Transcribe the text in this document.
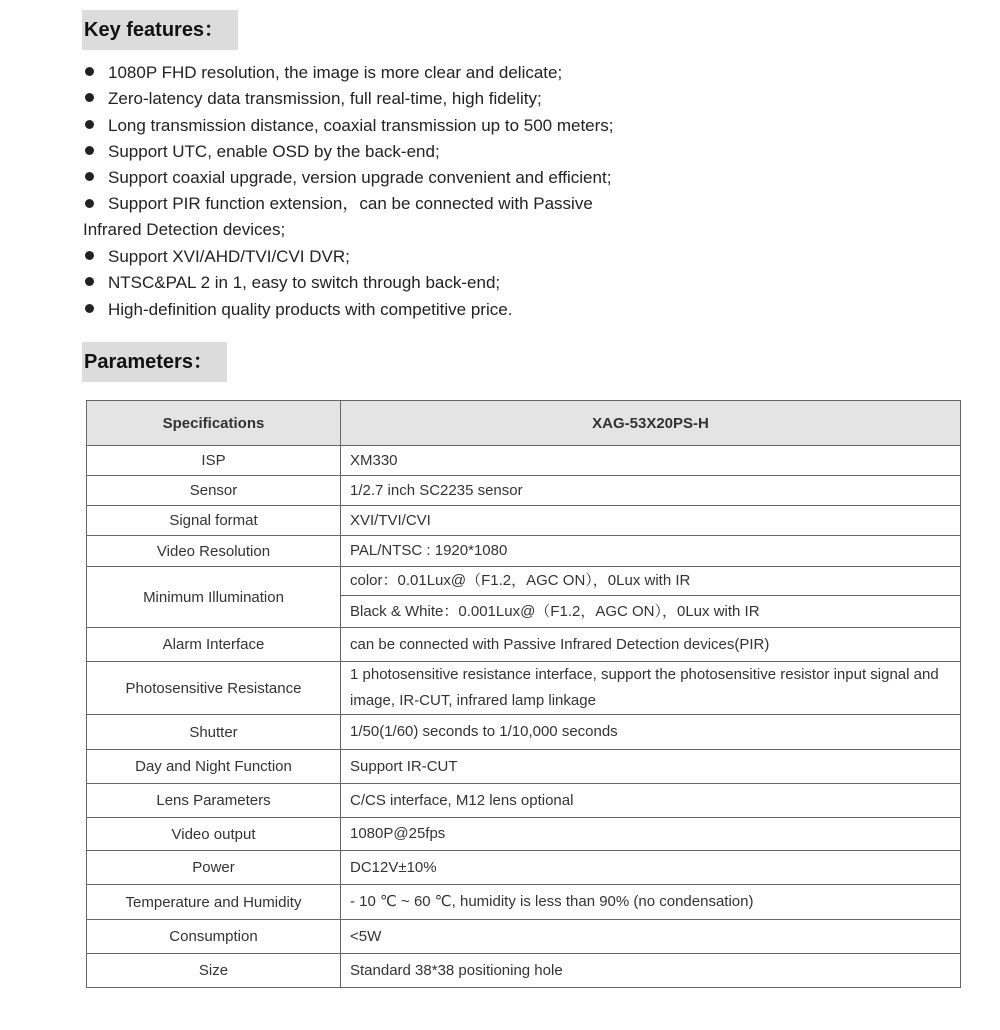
Key features：
1080P FHD resolution, the image is more clear and delicate;
Zero-latency data transmission, full real-time, high fidelity;
Long transmission distance, coaxial transmission up to 500 meters;
Support UTC, enable OSD by the back-end;
Support coaxial upgrade, version upgrade convenient and efficient;
Support PIR function extension，can be connected with Passive
Infrared Detection devices;
Support XVI/AHD/TVI/CVI DVR;
NTSC&PAL 2 in 1, easy to switch through back-end;
High-definition quality products with competitive price.
Parameters：
Specifications	XAG-53X20PS-H
ISP	XM330
Sensor	1/2.7 inch SC2235 sensor
Signal format	XVI/TVI/CVI
Video Resolution	PAL/NTSC : 1920*1080
Minimum Illumination	color：0.01Lux@（F1.2，AGC ON），0Lux with IR
	Black & White：0.001Lux@（F1.2，AGC ON），0Lux with IR
Alarm Interface	can be connected with Passive Infrared Detection devices(PIR)
Photosensitive Resistance	1 photosensitive resistance interface, support the photosensitive resistor input signal and image, IR-CUT, infrared lamp linkage
Shutter	1/50(1/60) seconds to 1/10,000 seconds
Day and Night Function	Support IR-CUT
Lens Parameters	C/CS interface, M12 lens optional
Video output	1080P@25fps
Power	DC12V±10%
Temperature and Humidity	- 10 ℃ ~ 60 ℃, humidity is less than 90% (no condensation)
Consumption	<5W
Size	Standard 38*38 positioning hole
